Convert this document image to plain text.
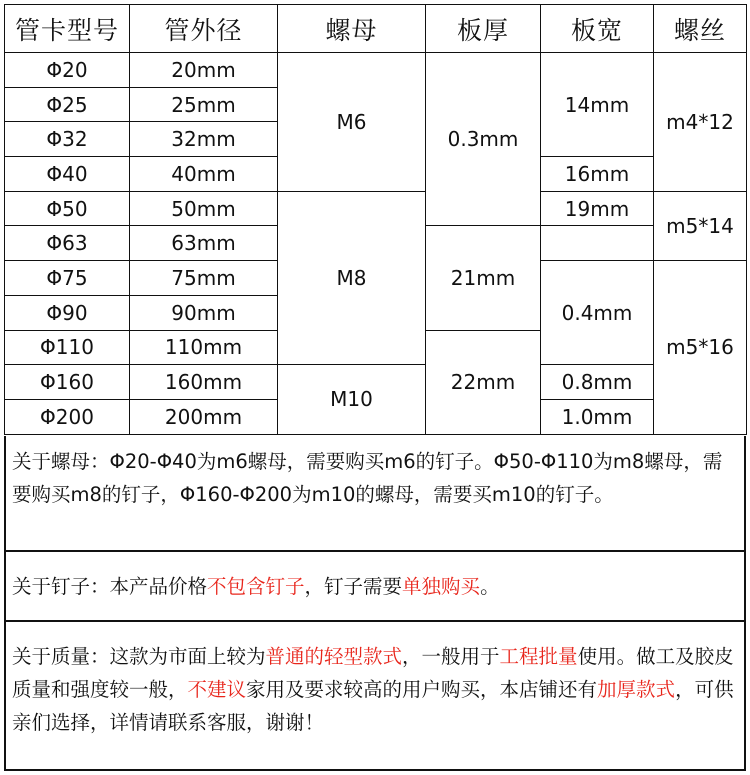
管卡型号	管外径	螺母	板厚	板宽	螺丝
Φ20	20mm	M6	0.3mm	14mm	m4*12
Φ25	25mm				
Φ32	32mm				
Φ40	40mm			16mm	
Φ50	50mm	M8		19mm	m5*14
Φ63	63mm		21mm		
Φ75	75mm			0.4mm	m5*16
Φ90	90mm				
Φ110	110mm		22mm		
Φ160	160mm	M10		0.8mm	
Φ200	200mm			1.0mm	
关于螺母：Φ20-Φ40为m6螺母，需要购买m6的钉子。Φ50-Φ110为m8螺母，需要购买m8的钉子，Φ160-Φ200为m10的螺母，需要买m10的钉子。
关于钉子：本产品价格不包含钉子，钉子需要单独购买。
关于质量：这款为市面上较为普通的轻型款式，一般用于工程批量使用。做工及胶皮质量和强度较一般，不建议家用及要求较高的用户购买，本店铺还有加厚款式，可供亲们选择，详情请联系客服，谢谢！
